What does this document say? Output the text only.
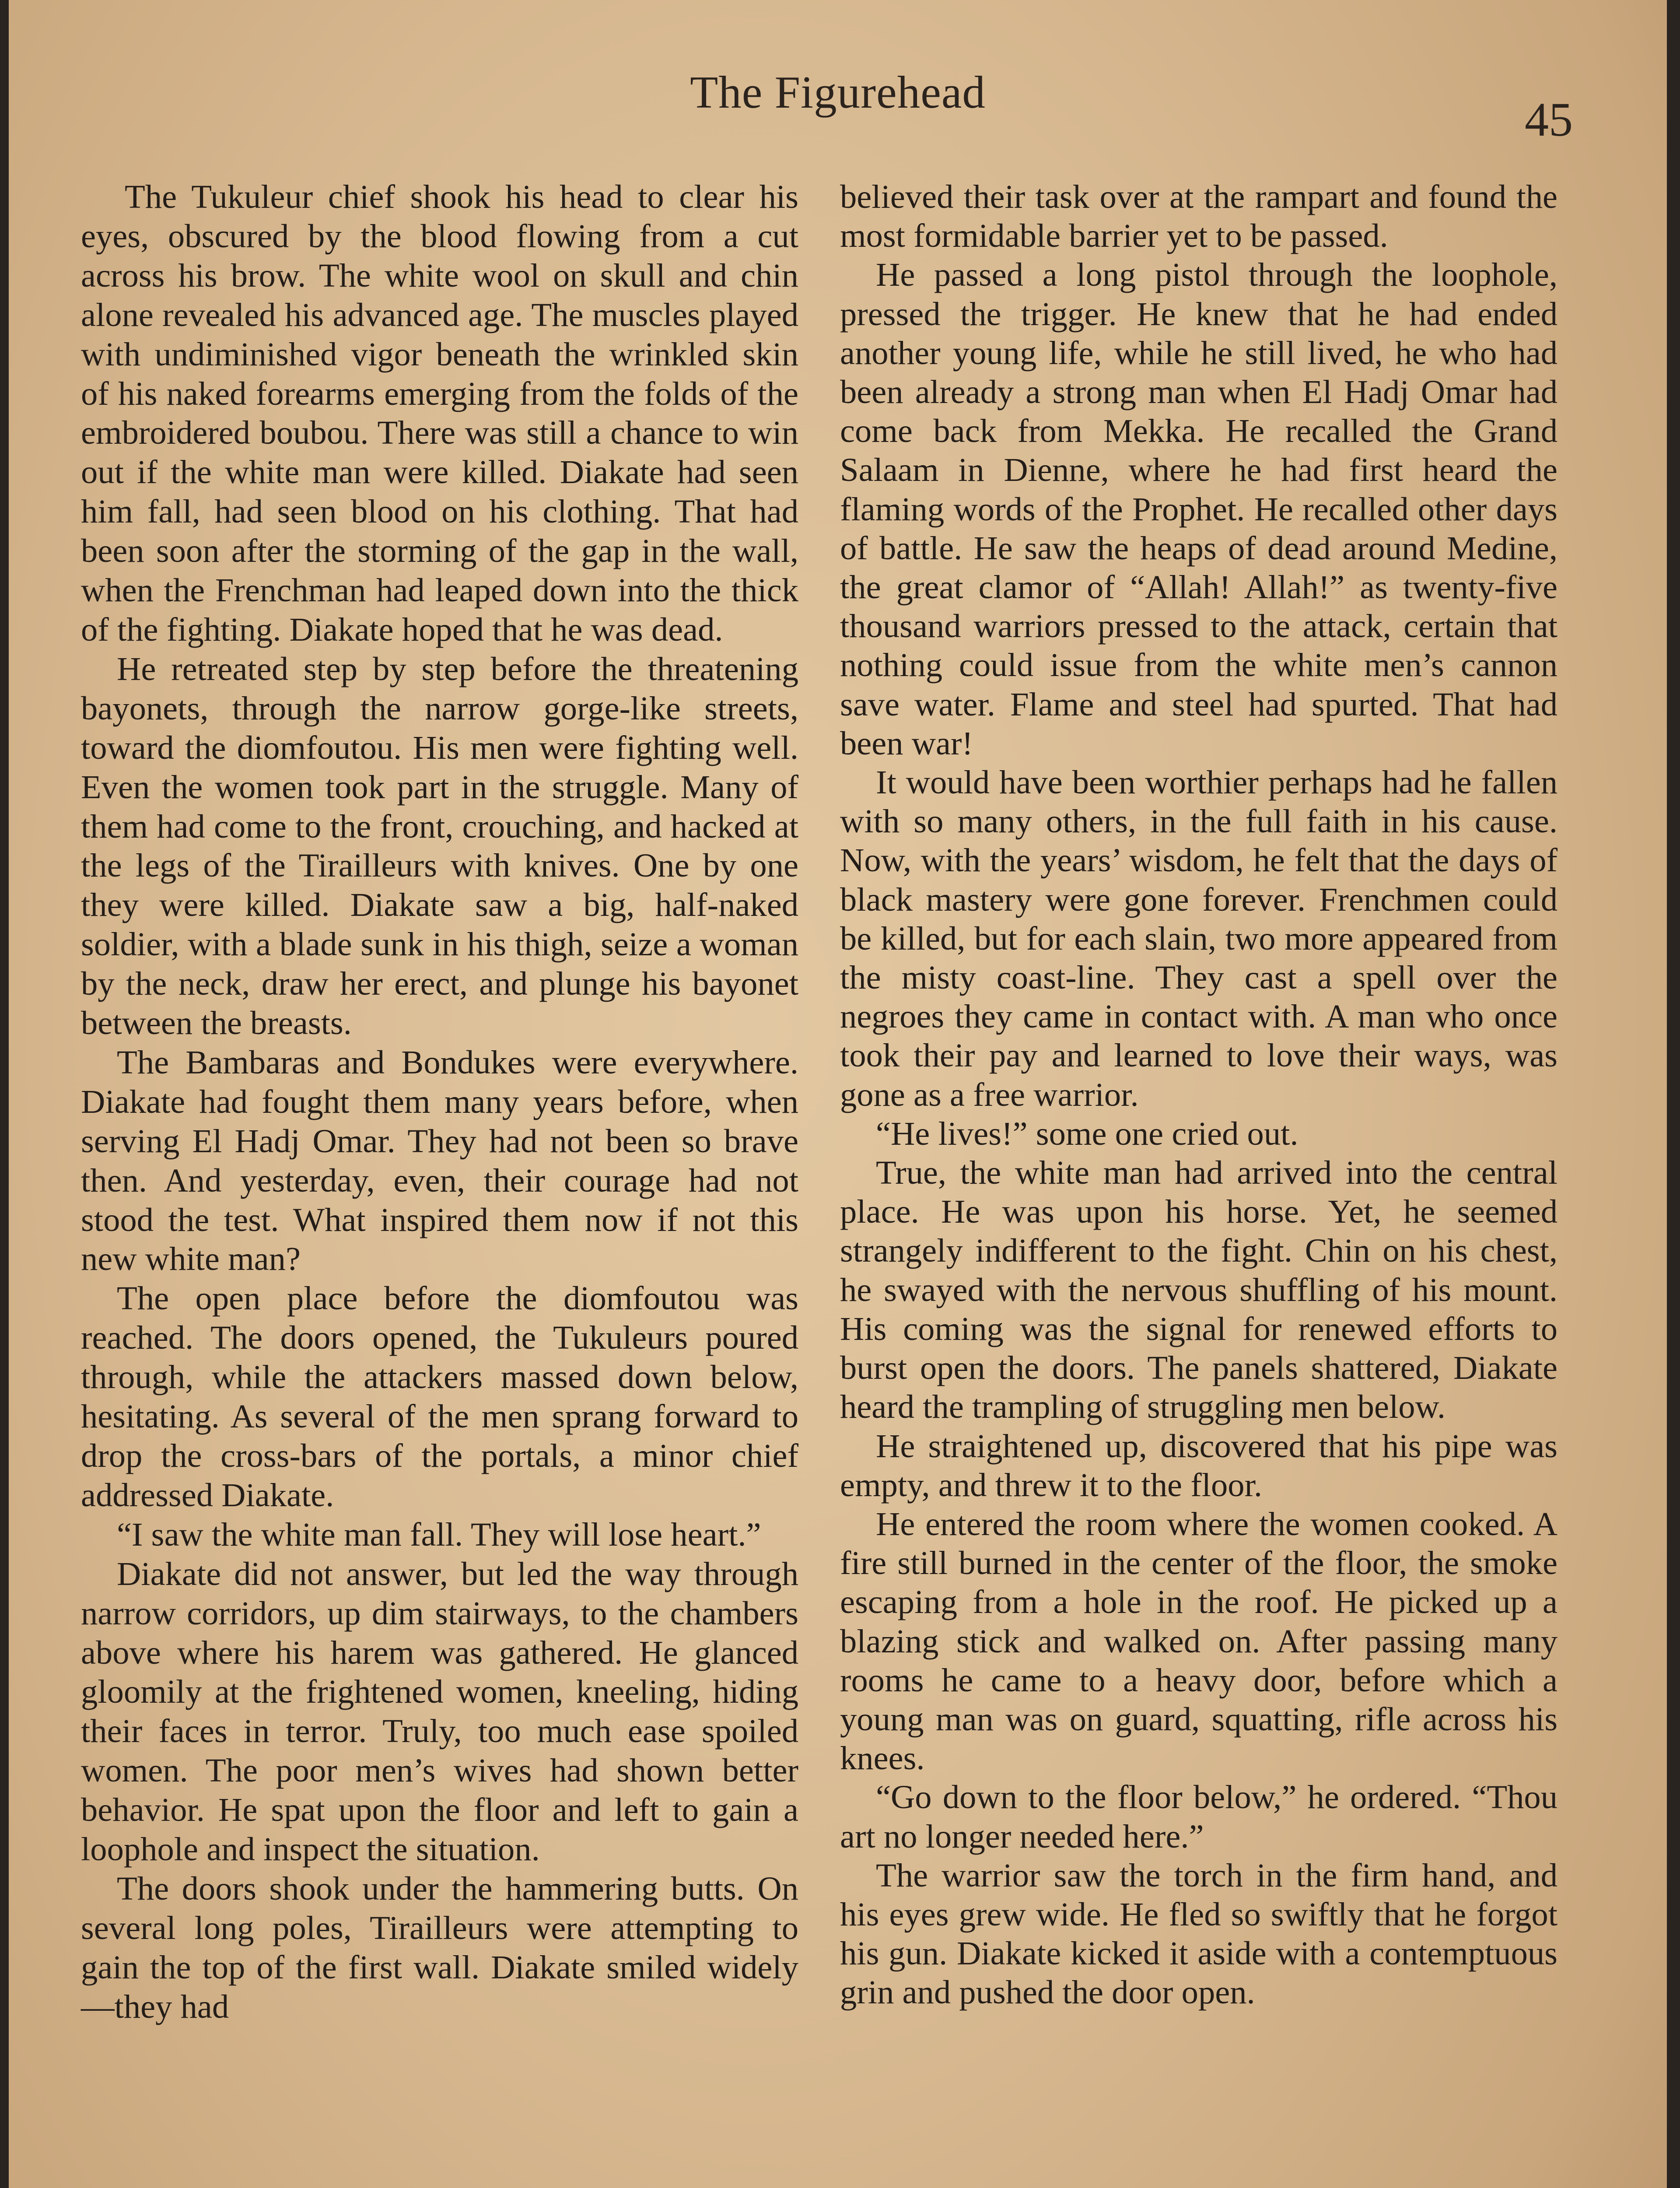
The Figurehead
45

The Tukuleur chief shook his head to clear his eyes, obscured by the blood flowing from a cut across his brow. The white wool on skull and chin alone revealed his advanced age. The muscles played with undiminished vigor beneath the wrinkled skin of his naked forearms emerging from the folds of the embroidered boubou. There was still a chance to win out if the white man were killed. Diakate had seen him fall, had seen blood on his clothing. That had been soon after the storming of the gap in the wall, when the Frenchman had leaped down into the thick of the fighting. Diakate hoped that he was dead.

He retreated step by step before the threatening bayonets, through the narrow gorge-like streets, toward the diomfoutou. His men were fighting well. Even the women took part in the struggle. Many of them had come to the front, crouching, and hacked at the legs of the Tirailleurs with knives. One by one they were killed. Diakate saw a big, half-naked soldier, with a blade sunk in his thigh, seize a woman by the neck, draw her erect, and plunge his bayonet between the breasts.

The Bambaras and Bondukes were everywhere. Diakate had fought them many years before, when serving El Hadj Omar. They had not been so brave then. And yesterday, even, their courage had not stood the test. What inspired them now if not this new white man?

The open place before the diomfoutou was reached. The doors opened, the Tukuleurs poured through, while the attackers massed down below, hesitating. As several of the men sprang forward to drop the cross-bars of the portals, a minor chief addressed Diakate.

“I saw the white man fall. They will lose heart.”

Diakate did not answer, but led the way through narrow corridors, up dim stairways, to the chambers above where his harem was gathered. He glanced gloomily at the frightened women, kneeling, hiding their faces in terror. Truly, too much ease spoiled women. The poor men’s wives had shown better behavior. He spat upon the floor and left to gain a loophole and inspect the situation.

The doors shook under the hammering butts. On several long poles, Tirailleurs were attempting to gain the top of the first wall. Diakate smiled widely—they had

believed their task over at the rampart and found the most formidable barrier yet to be passed.

He passed a long pistol through the loophole, pressed the trigger. He knew that he had ended another young life, while he still lived, he who had been already a strong man when El Hadj Omar had come back from Mekka. He recalled the Grand Salaam in Dienne, where he had first heard the flaming words of the Prophet. He recalled other days of battle. He saw the heaps of dead around Medine, the great clamor of “Allah! Allah!” as twenty-five thousand warriors pressed to the attack, certain that nothing could issue from the white men’s cannon save water. Flame and steel had spurted. That had been war!

It would have been worthier perhaps had he fallen with so many others, in the full faith in his cause. Now, with the years’ wisdom, he felt that the days of black mastery were gone forever. Frenchmen could be killed, but for each slain, two more appeared from the misty coast-line. They cast a spell over the negroes they came in contact with. A man who once took their pay and learned to love their ways, was gone as a free warrior.

“He lives!” some one cried out.

True, the white man had arrived into the central place. He was upon his horse. Yet, he seemed strangely indifferent to the fight. Chin on his chest, he swayed with the nervous shuffling of his mount. His coming was the signal for renewed efforts to burst open the doors. The panels shattered, Diakate heard the trampling of struggling men below.

He straightened up, discovered that his pipe was empty, and threw it to the floor.

He entered the room where the women cooked. A fire still burned in the center of the floor, the smoke escaping from a hole in the roof. He picked up a blazing stick and walked on. After passing many rooms he came to a heavy door, before which a young man was on guard, squatting, rifle across his knees.

“Go down to the floor below,” he ordered. “Thou art no longer needed here.”

The warrior saw the torch in the firm hand, and his eyes grew wide. He fled so swiftly that he forgot his gun. Diakate kicked it aside with a contemptuous grin and pushed the door open.
